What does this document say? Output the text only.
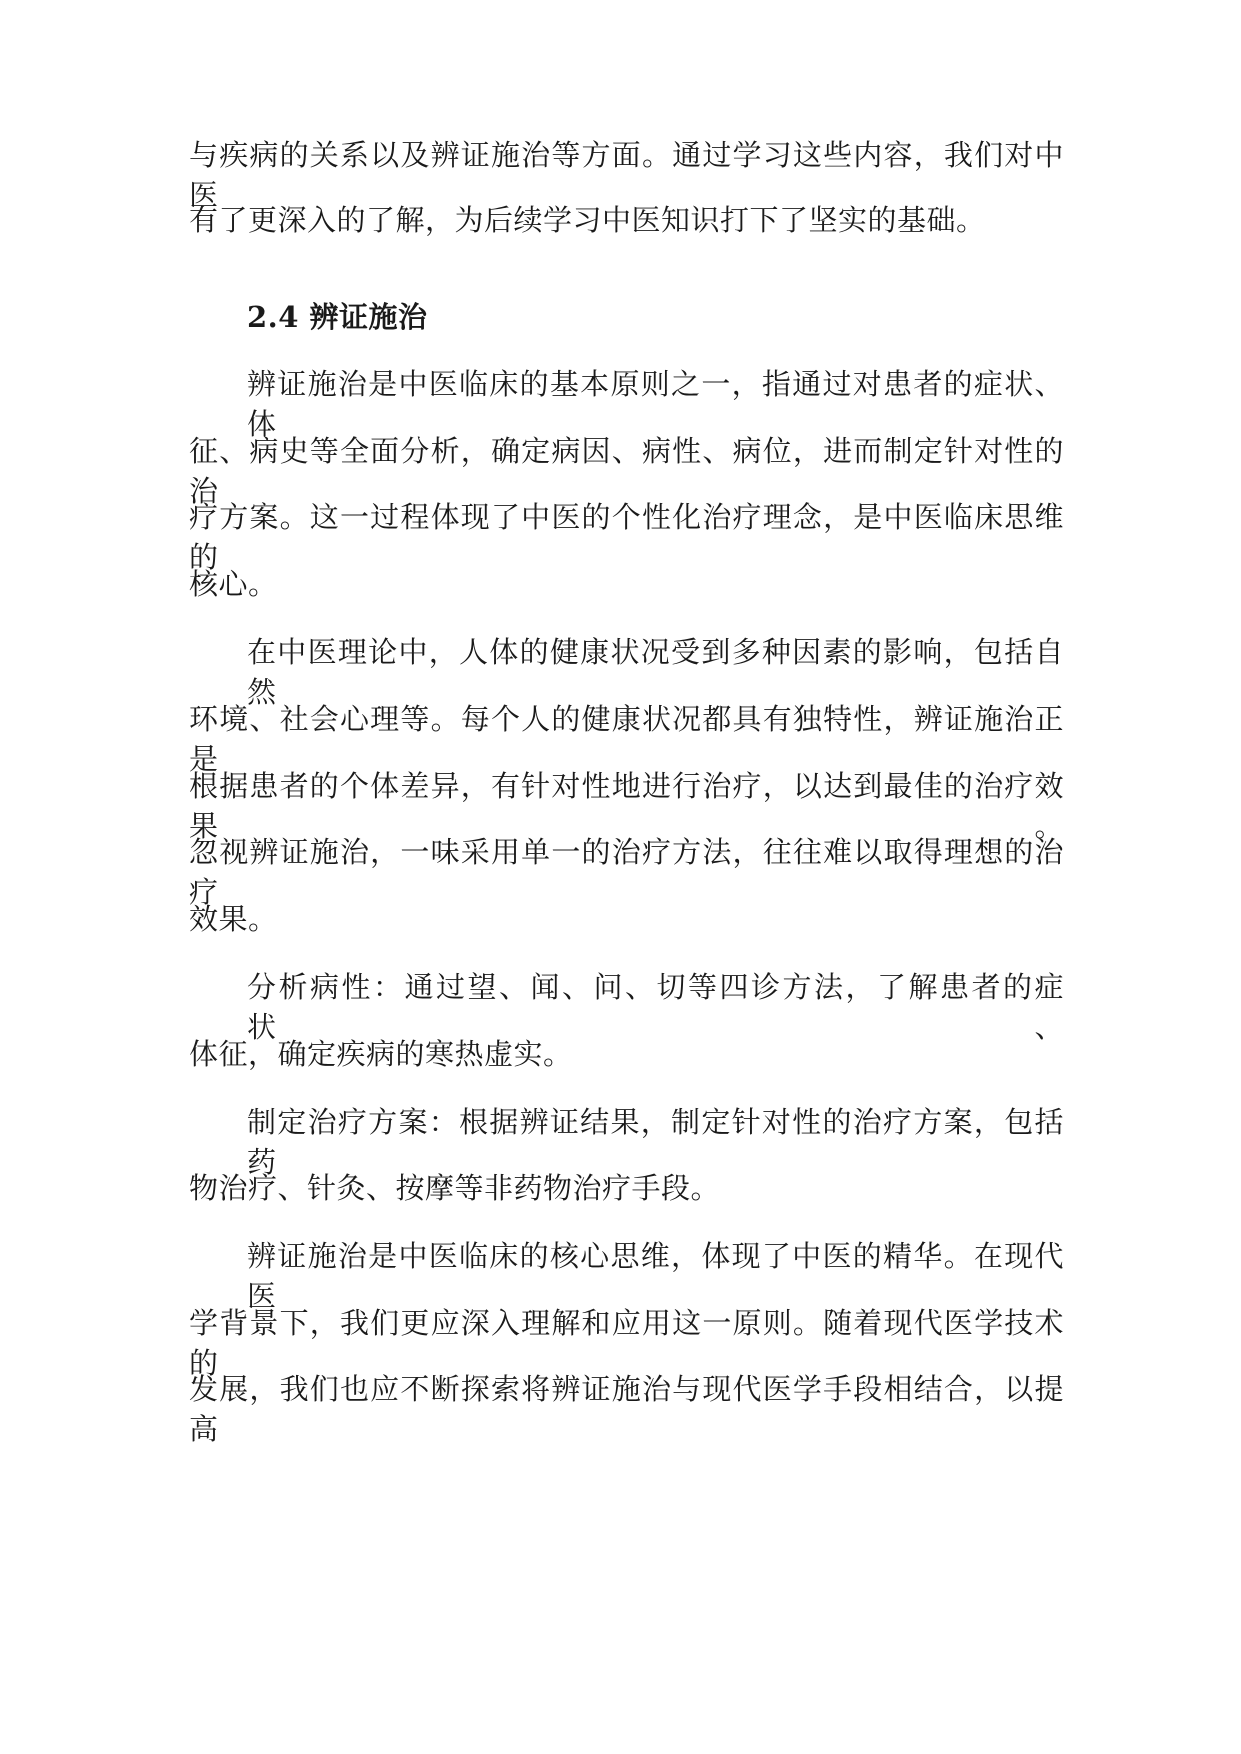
与疾病的关系以及辨证施治等方面。通过学习这些内容，我们对中医
有了更深入的了解，为后续学习中医知识打下了坚实的基础。
2.4 辨证施治
辨证施治是中医临床的基本原则之一，指通过对患者的症状、体
征、病史等全面分析，确定病因、病性、病位，进而制定针对性的治
疗方案。这一过程体现了中医的个性化治疗理念，是中医临床思维的
核心。
在中医理论中，人体的健康状况受到多种因素的影响，包括自然
环境、社会心理等。每个人的健康状况都具有独特性，辨证施治正是
根据患者的个体差异，有针对性地进行治疗，以达到最佳的治疗效果。
忽视辨证施治，一味采用单一的治疗方法，往往难以取得理想的治疗
效果。
分析病性：通过望、闻、问、切等四诊方法，了解患者的症状、
体征，确定疾病的寒热虚实。
制定治疗方案：根据辨证结果，制定针对性的治疗方案，包括药
物治疗、针灸、按摩等非药物治疗手段。
辨证施治是中医临床的核心思维，体现了中医的精华。在现代医
学背景下，我们更应深入理解和应用这一原则。随着现代医学技术的
发展，我们也应不断探索将辨证施治与现代医学手段相结合，以提高
